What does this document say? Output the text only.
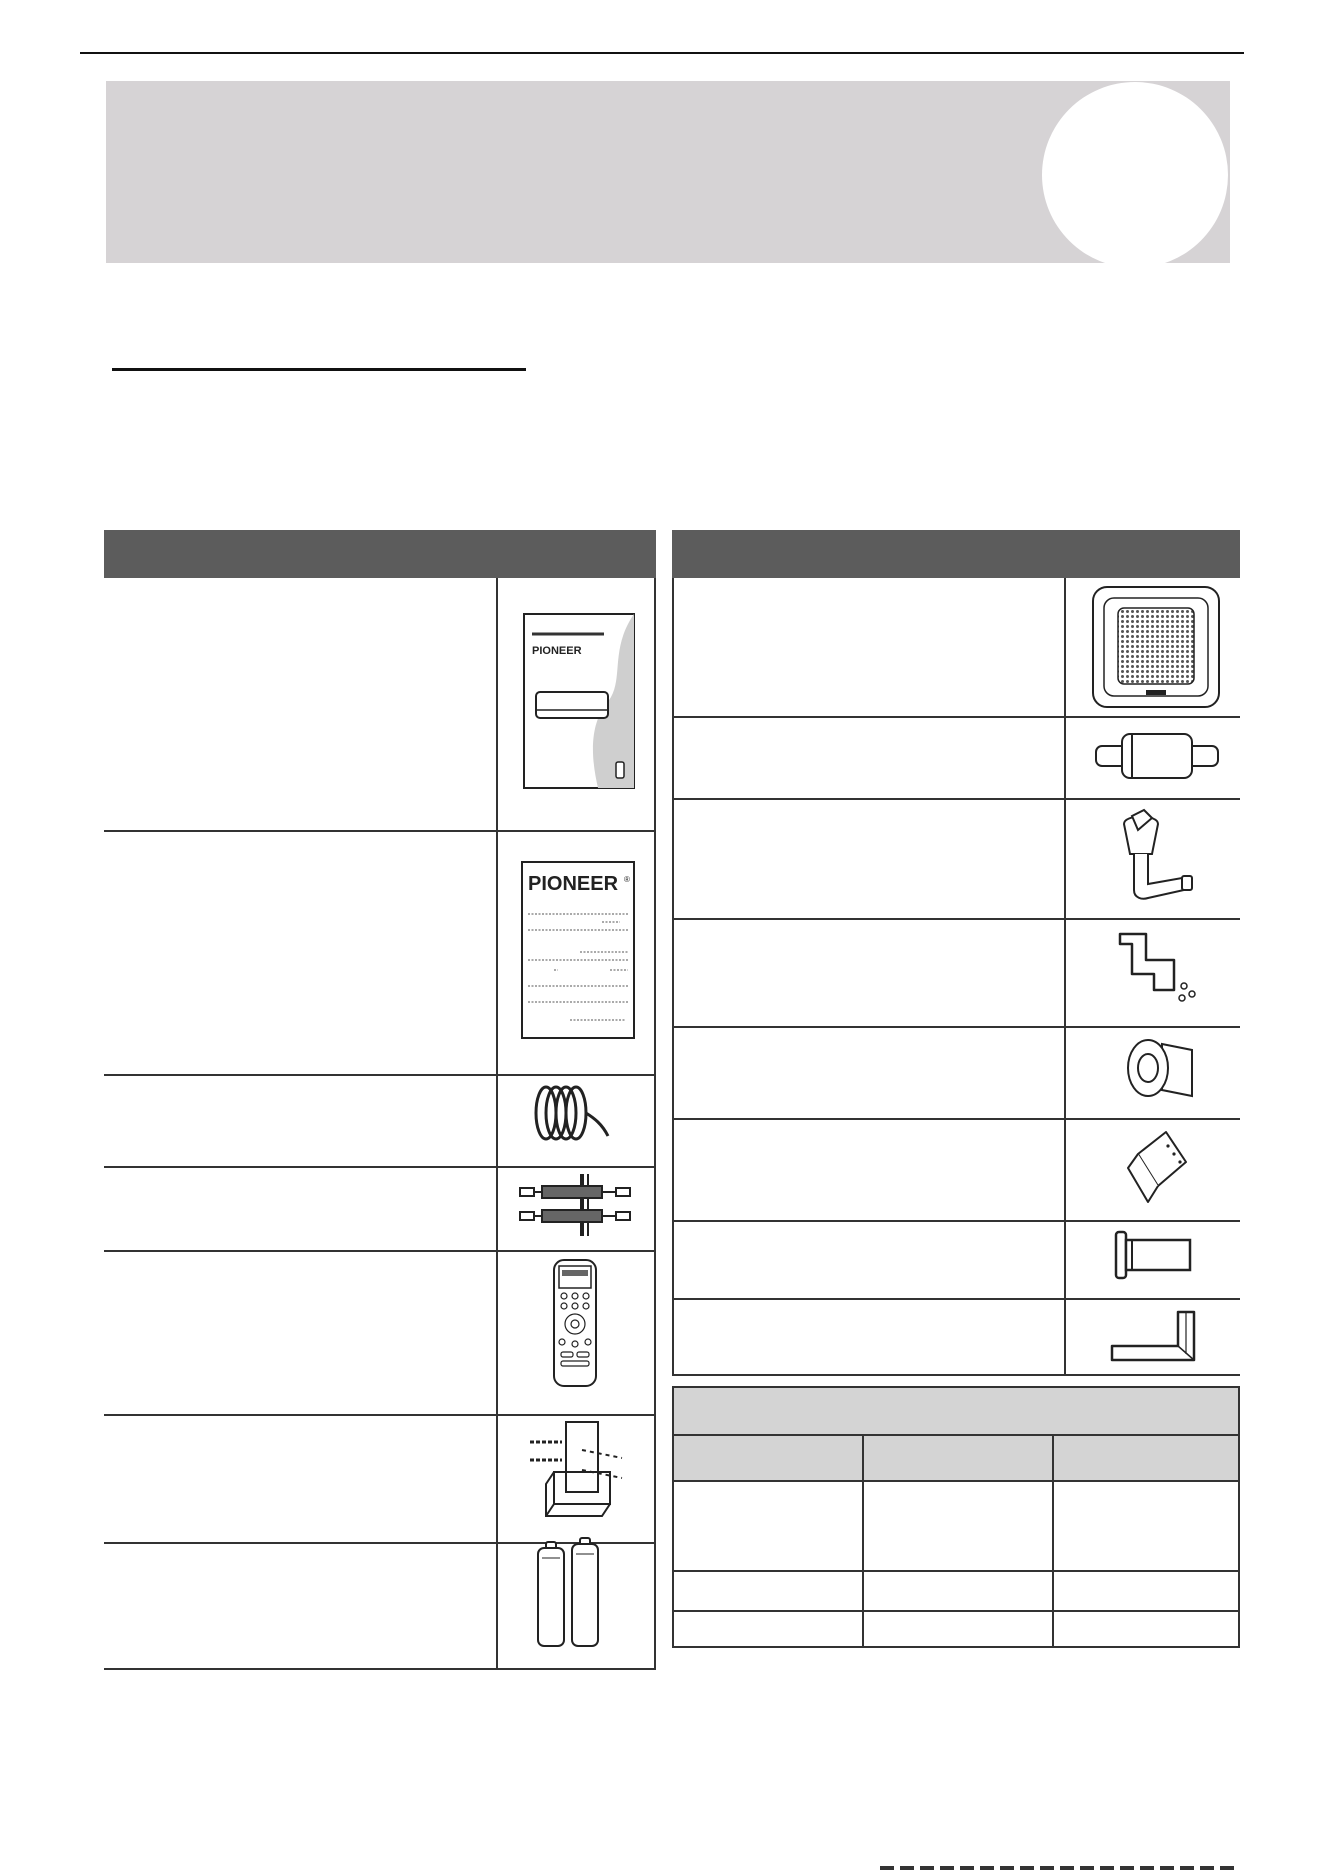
PIONEER
PIONEER ®
